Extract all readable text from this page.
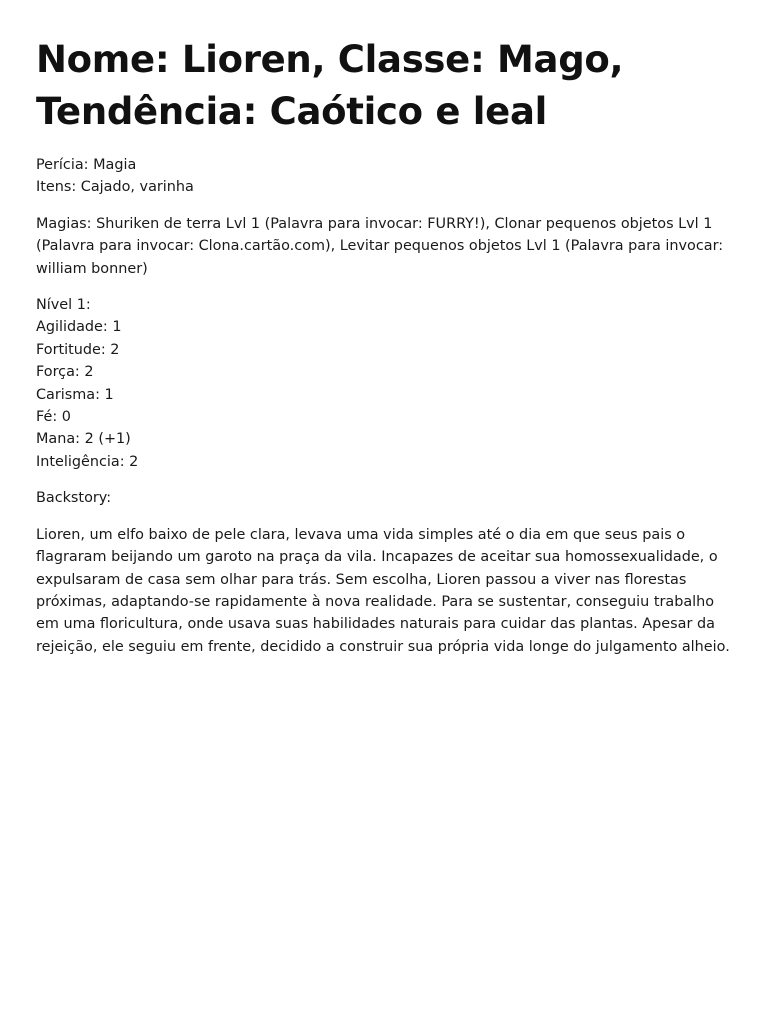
Nome: Lioren, Classe: Mago, Tendência: Caótico e leal
Perícia: Magia
Itens: Cajado, varinha
Magias: Shuriken de terra Lvl 1 (Palavra para invocar: FURRY!), Clonar pequenos objetos Lvl 1
(Palavra para invocar: Clona.cartão.com), Levitar pequenos objetos Lvl 1 (Palavra para invocar:
william bonner)
Nível 1:
Agilidade: 1
Fortitude: 2
Força: 2
Carisma: 1
Fé: 0
Mana: 2 (+1)
Inteligência: 2
Backstory:
Lioren, um elfo baixo de pele clara, levava uma vida simples até o dia em que seus pais o
flagraram beijando um garoto na praça da vila. Incapazes de aceitar sua homossexualidade, o
expulsaram de casa sem olhar para trás. Sem escolha, Lioren passou a viver nas florestas
próximas, adaptando-se rapidamente à nova realidade. Para se sustentar, conseguiu trabalho
em uma floricultura, onde usava suas habilidades naturais para cuidar das plantas. Apesar da
rejeição, ele seguiu em frente, decidido a construir sua própria vida longe do julgamento alheio.
